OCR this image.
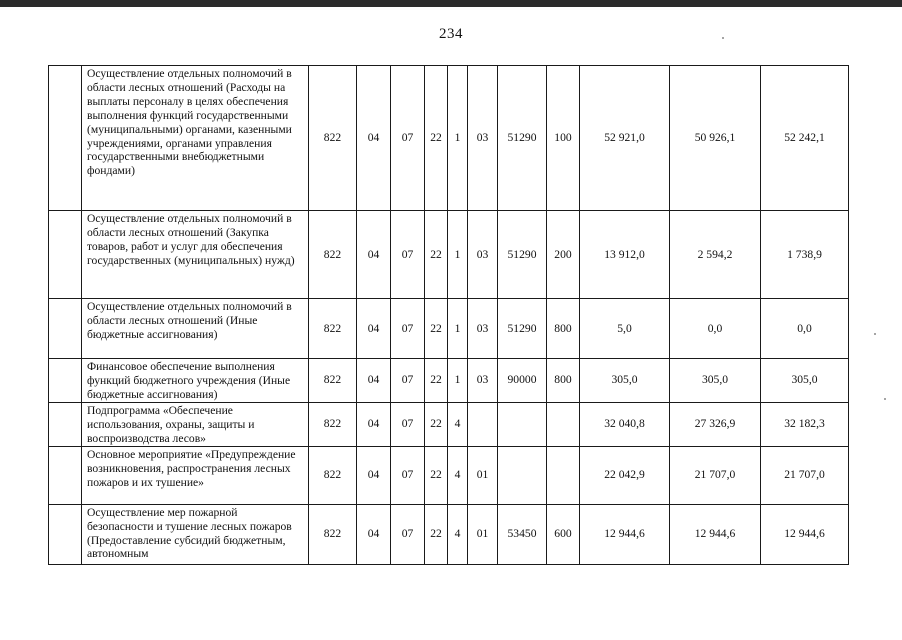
234
	Осуществление отдельных полномочий в области лесных отношений (Расходы на выплаты персоналу в целях обеспечения выполнения функций государственными (муниципальными) органами, казенными учреждениями, органами управления государственными внебюджетными фондами)	822	04	07	22	1	03	51290	100	52 921,0	50 926,1	52 242,1
	Осуществление отдельных полномочий в области лесных отношений (Закупка товаров, работ и услуг для обеспечения государственных (муниципальных) нужд)	822	04	07	22	1	03	51290	200	13 912,0	2 594,2	1 738,9
	Осуществление отдельных полномочий в области лесных отношений (Иные бюджетные ассигнования)	822	04	07	22	1	03	51290	800	5,0	0,0	0,0
	Финансовое обеспечение выполнения функций бюджетного учреждения (Иные бюджетные ассигнования)	822	04	07	22	1	03	90000	800	305,0	305,0	305,0
	Подпрограмма «Обеспечение использования, охраны, защиты и воспроизводства лесов»	822	04	07	22	4				32 040,8	27 326,9	32 182,3
	Основное мероприятие «Предупреждение возникновения, распространения лесных пожаров и их тушение»	822	04	07	22	4	01			22 042,9	21 707,0	21 707,0
	Осуществление мер пожарной безопасности и тушение лесных пожаров (Предоставление субсидий бюджетным, автономным	822	04	07	22	4	01	53450	600	12 944,6	12 944,6	12 944,6
